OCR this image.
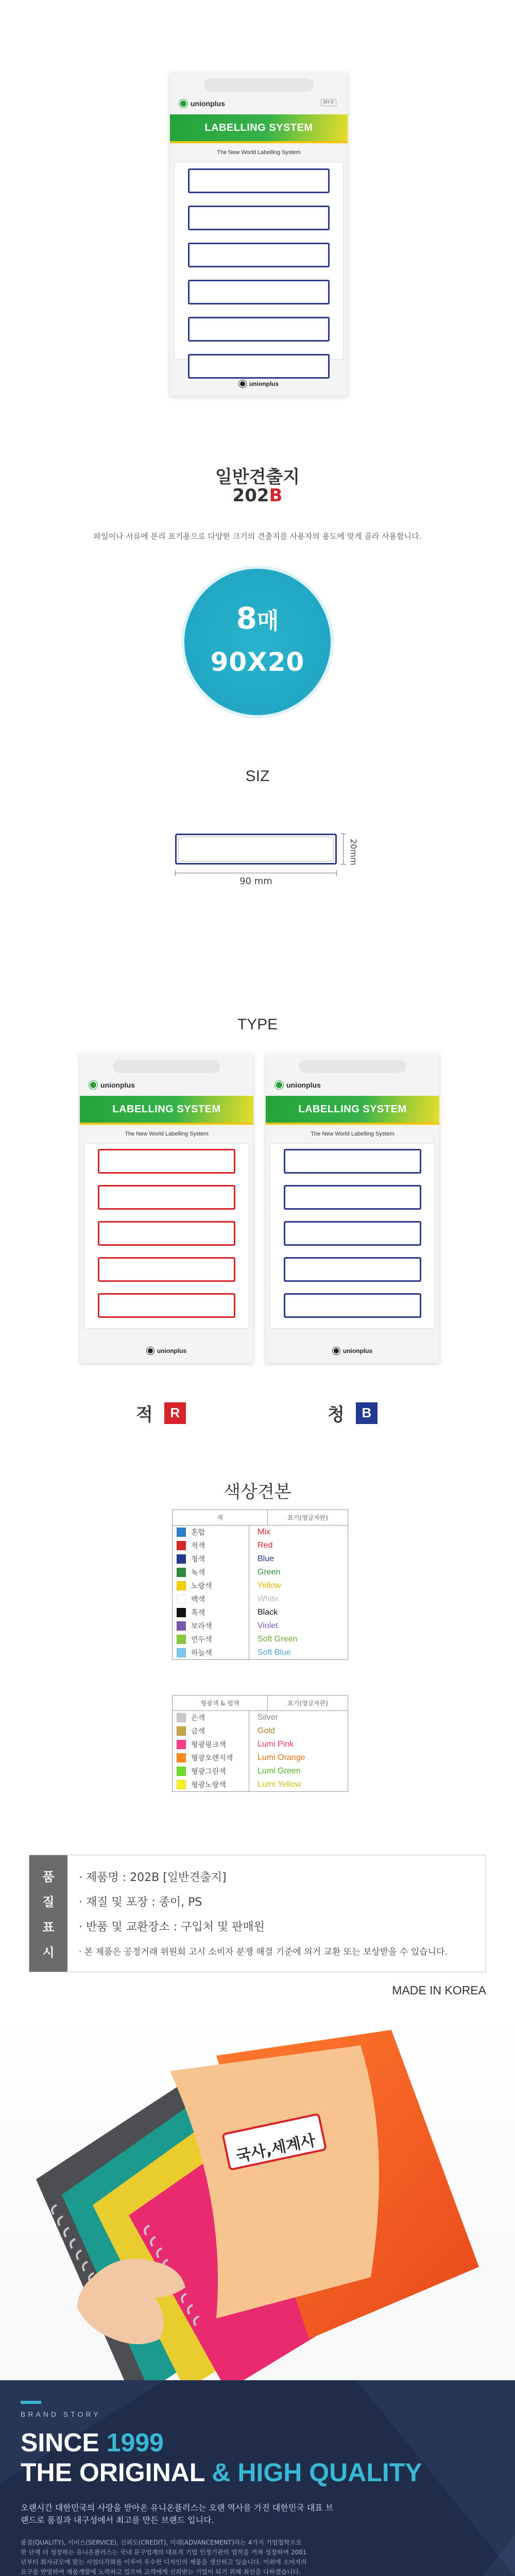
unionplus	NY-9
LABELLING SYSTEM
The New World Labelling System
unionplus
일반견출지
202B
파일이나 서류에 분리 표기용으로 다양한 크기의 견출지를 사용자의 용도에 맞게 골라 사용합니다.
8매
90X20
SIZ
90 mm
20mm
TYPE
unionplus
LABELLING SYSTEM
The New World Labelling System
unionplus
unionplus
LABELLING SYSTEM
The New World Labelling System
unionplus
적	R	청	B
색상견본
색	표기(영글자판)
혼합	Mix
적색	Red
청색	Blue
녹색	Green
노랑색	Yellow
백색	White
흑색	Black
보라색	Violet
연두색	Soft Green
하늘색	Soft Blue
형광색 & 펄색	표기(영글자판)
은색	Silver
금색	Gold
형광핑크색	Lumi Pink
형광오렌지색	Lumi Orange
형광그린색	Lumi Green
형광노랑색	Lumi Yellow
품
질
표
시
· 제품명 : 202B [일반견출지]
· 재질 및 포장 : 종이, PS
· 반품 및 교환장소 : 구입처 및 판매원
· 본 제품은 공정거래 위원회 고시 소비자 분쟁 해결 기준에 의거 교환 또는 보상받을 수 있습니다.
MADE IN KOREA
국사,세계사
BRAND STORY
SINCE 1999
THE ORIGINAL & HIGH QUALITY
오랜시간 대한민국의 사랑을 받아온 유니온플러스는 오랜 역사를 가진 대한민국 대표 브랜드로 품질과 내구성에서 최고를 만든 브랜드 입니다.
품질(QUALITY), 서비스(SERVICE), 신뢰도(CREDIT), 미래(ADVANCEMENT)라는 4가지 기업철학으로 한 단계 더 성장하는 유니온플러스는 국내 문구업계의 대표적 기업 인정기관의 업적을 거쳐 성장하며 2001년부터 회사규모에 맞는 사업다각화를 이루어 우수한 디자인의 제품을 생산하고 있습니다. 이외에 소비자의 요구를 반영하여 제품개발에 노력하고 있으며 고객에게 신뢰받는 기업이 되기 위해 최선을 다하겠습니다.
